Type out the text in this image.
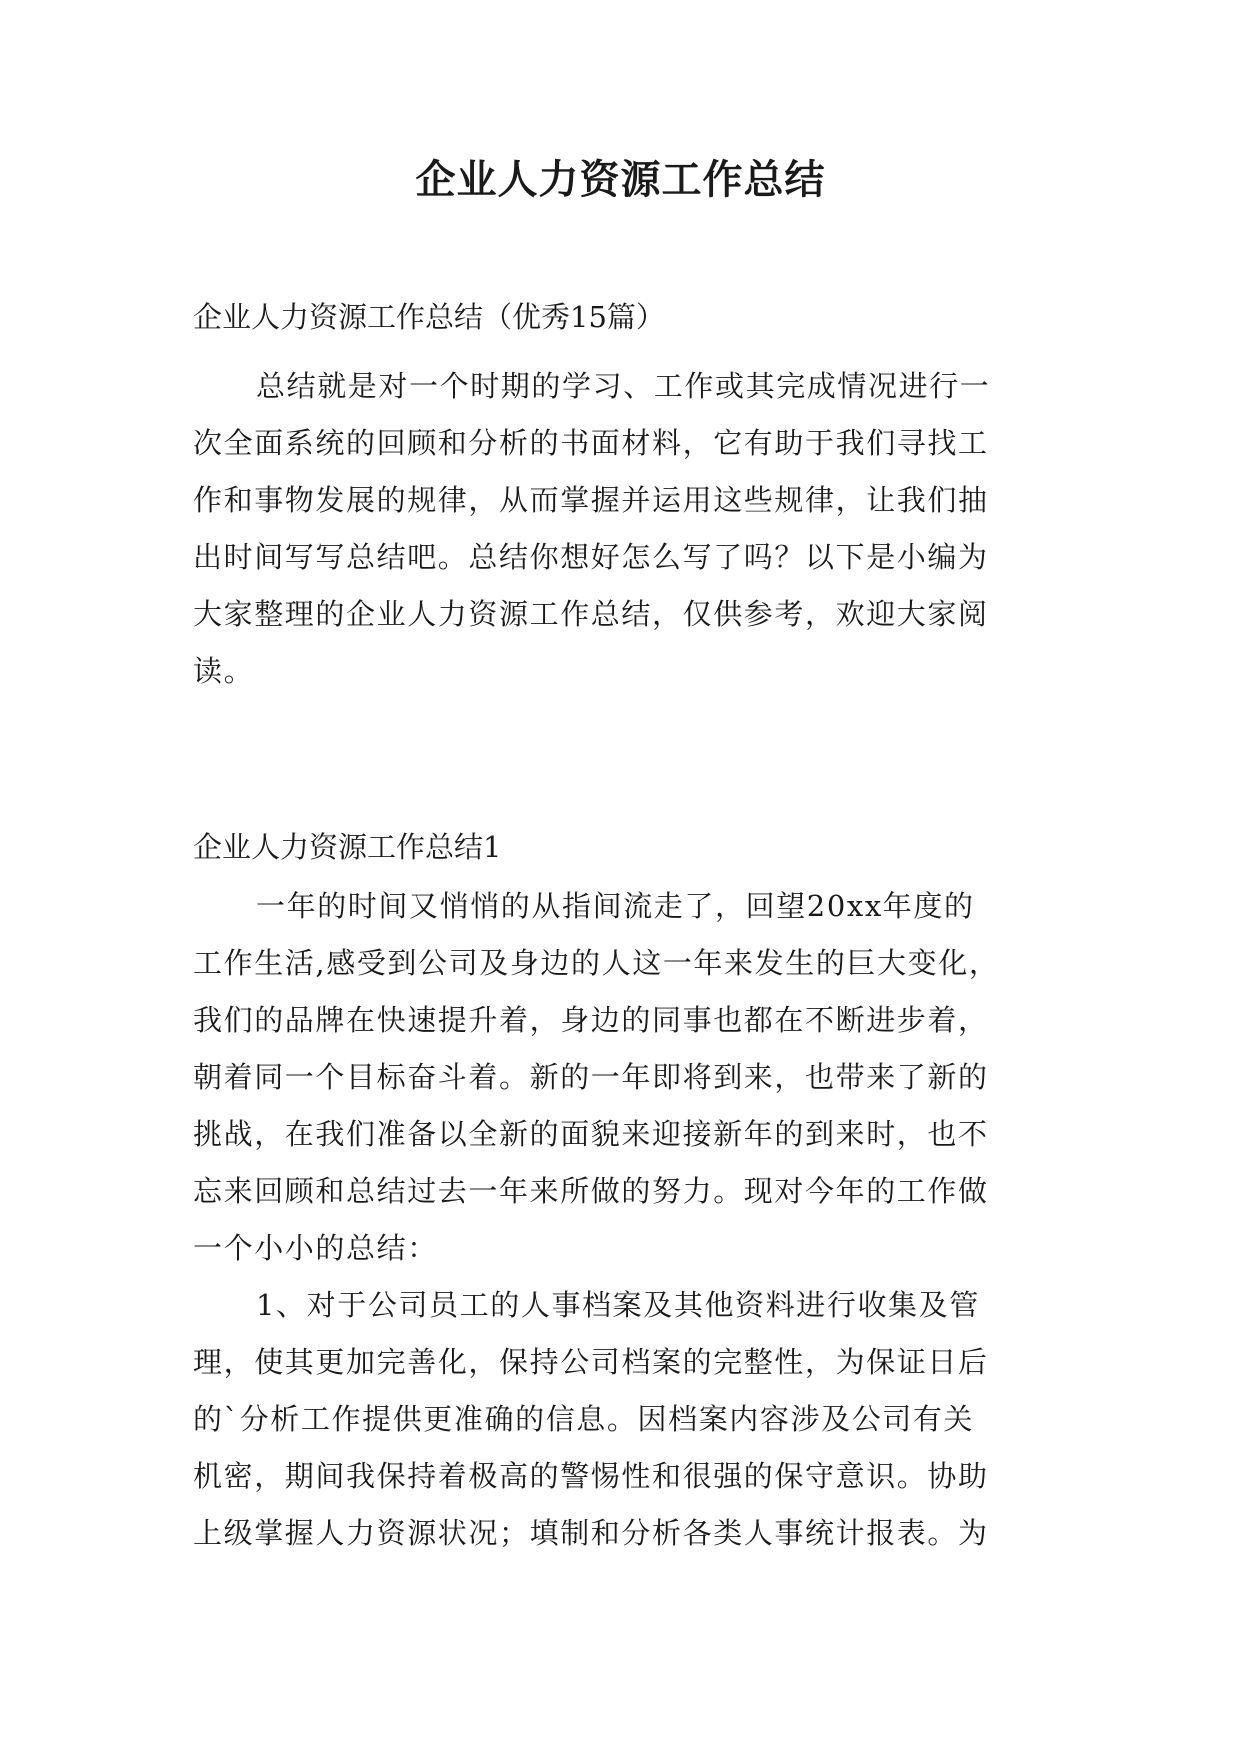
企业人力资源工作总结
企业人力资源工作总结（优秀15篇）
总结就是对一个时期的学习、工作或其完成情况进行一
次全面系统的回顾和分析的书面材料，它有助于我们寻找工
作和事物发展的规律，从而掌握并运用这些规律，让我们抽
出时间写写总结吧。总结你想好怎么写了吗？以下是小编为
大家整理的企业人力资源工作总结，仅供参考，欢迎大家阅
读。
企业人力资源工作总结1
一年的时间又悄悄的从指间流走了，回望20xx年度的
工作生活,感受到公司及身边的人这一年来发生的巨大变化，
我们的品牌在快速提升着，身边的同事也都在不断进步着，
朝着同一个目标奋斗着。新的一年即将到来，也带来了新的
挑战，在我们准备以全新的面貌来迎接新年的到来时，也不
忘来回顾和总结过去一年来所做的努力。现对今年的工作做
一个小小的总结：
1、对于公司员工的人事档案及其他资料进行收集及管
理，使其更加完善化，保持公司档案的完整性，为保证日后
的`分析工作提供更准确的信息。因档案内容涉及公司有关
机密，期间我保持着极高的警惕性和很强的保守意识。协助
上级掌握人力资源状况；填制和分析各类人事统计报表。为
